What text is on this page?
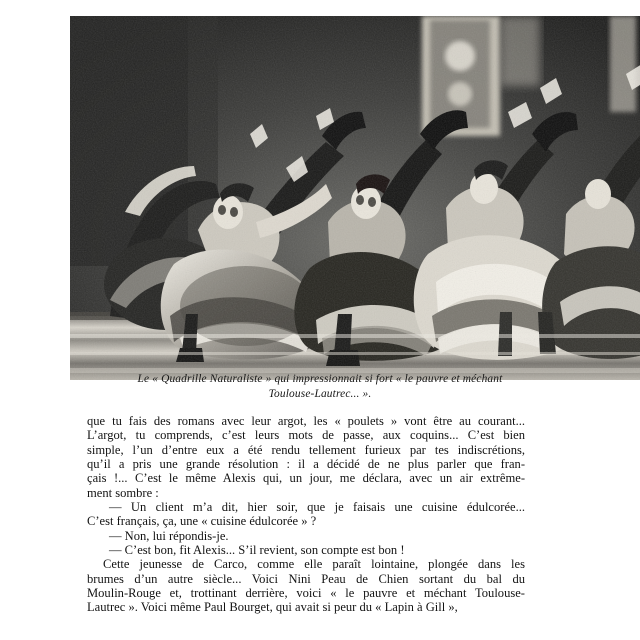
Le « Quadrille Naturaliste » qui impressionnait si fort « le pauvre et méchant
Toulouse-Lautrec... ».
que tu fais des romans avec leur argot, les « poulets » vont être au courant...
L’argot, tu comprends, c’est leurs mots de passe, aux coquins... C’est bien
simple, l’un d’entre eux a été rendu tellement furieux par tes indiscrétions,
qu’il a pris une grande résolution : il a décidé de ne plus parler que fran-
çais !... C’est le même Alexis qui, un jour, me déclara, avec un air extrême-
ment sombre :
— Un client m’a dit, hier soir, que je faisais une cuisine édulcorée...
C’est français, ça, une « cuisine édulcorée » ?
— Non, lui répondis-je.
— C’est bon, fit Alexis... S’il revient, son compte est bon !
Cette jeunesse de Carco, comme elle paraît lointaine, plongée dans les
brumes d’un autre siècle... Voici Nini Peau de Chien sortant du bal du
Moulin-Rouge et, trottinant derrière, voici « le pauvre et méchant Toulouse-
Lautrec ». Voici même Paul Bourget, qui avait si peur du « Lapin à Gill »,
